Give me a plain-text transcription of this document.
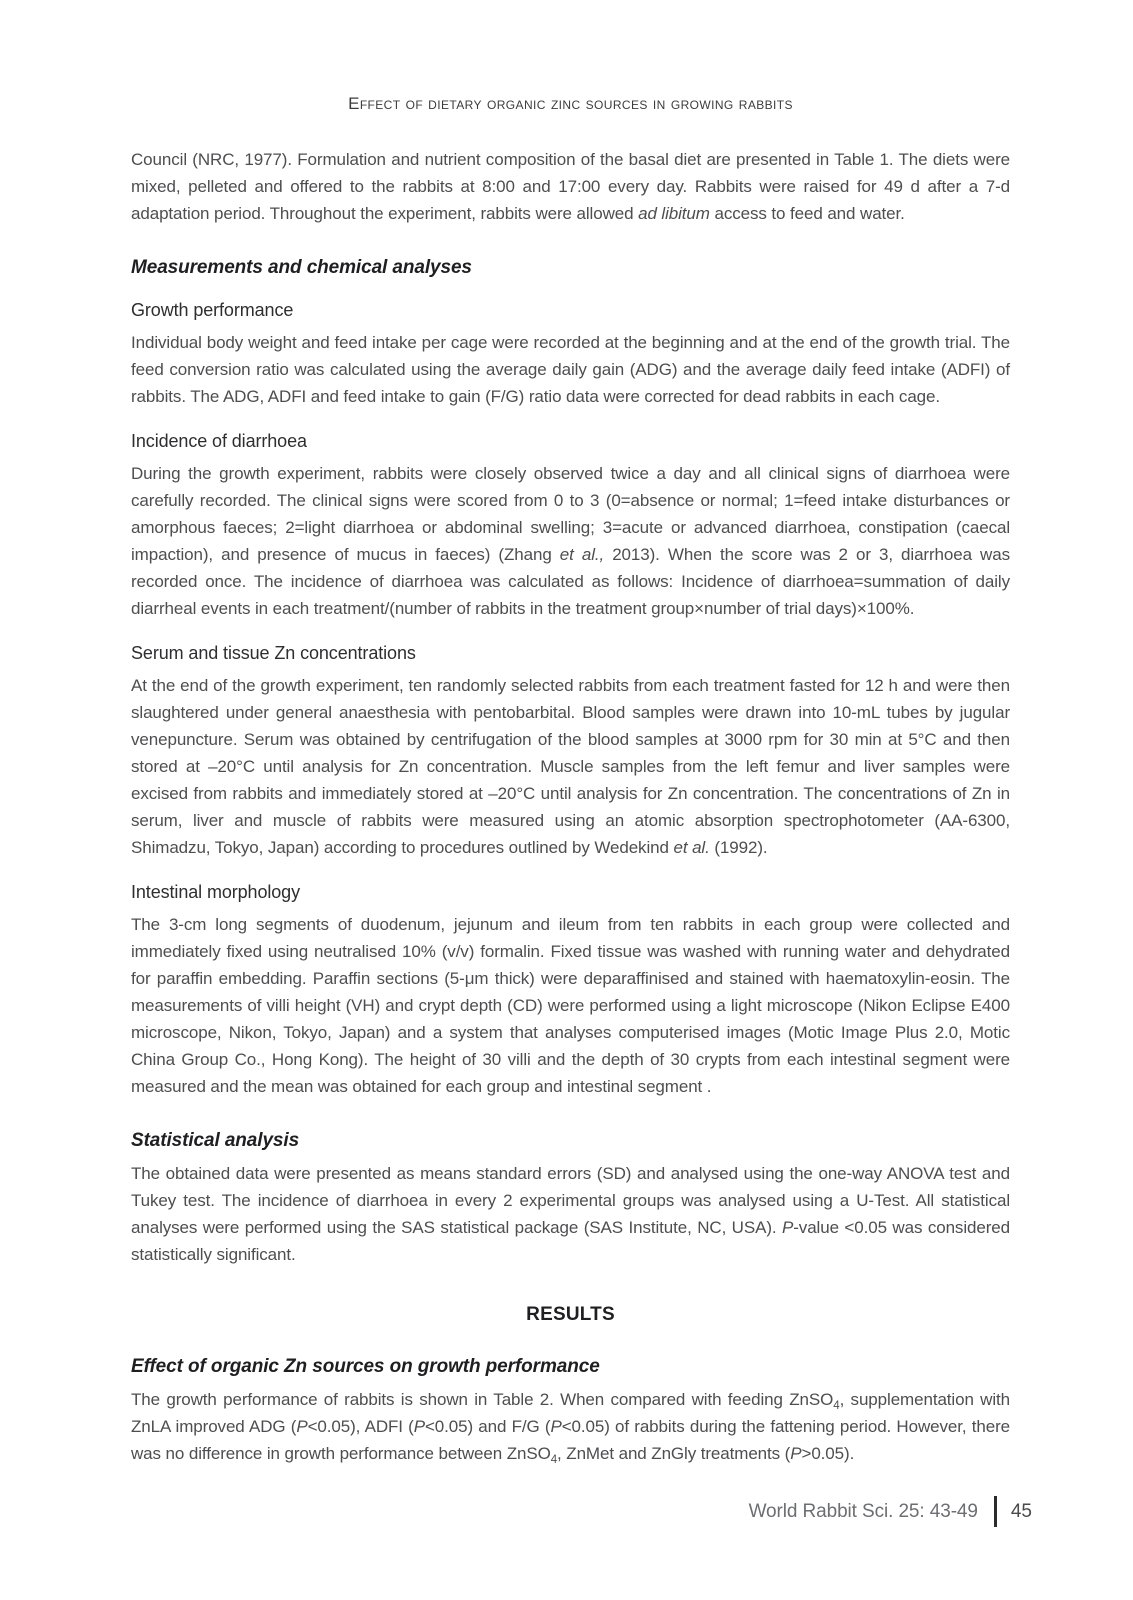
Effect of dietary organic zinc sources in growing rabbits

Council (NRC, 1977). Formulation and nutrient composition of the basal diet are presented in Table 1. The diets were mixed, pelleted and offered to the rabbits at 8:00 and 17:00 every day. Rabbits were raised for 49 d after a 7-d adaptation period. Throughout the experiment, rabbits were allowed ad libitum access to feed and water.

Measurements and chemical analyses
Growth performance

Individual body weight and feed intake per cage were recorded at the beginning and at the end of the growth trial. The feed conversion ratio was calculated using the average daily gain (ADG) and the average daily feed intake (ADFI) of rabbits. The ADG, ADFI and feed intake to gain (F/G) ratio data were corrected for dead rabbits in each cage.

Incidence of diarrhoea

During the growth experiment, rabbits were closely observed twice a day and all clinical signs of diarrhoea were carefully recorded. The clinical signs were scored from 0 to 3 (0=absence or normal; 1=feed intake disturbances or amorphous faeces; 2=light diarrhoea or abdominal swelling; 3=acute or advanced diarrhoea, constipation (caecal impaction), and presence of mucus in faeces) (Zhang et al., 2013). When the score was 2 or 3, diarrhoea was recorded once. The incidence of diarrhoea was calculated as follows: Incidence of diarrhoea=summation of daily diarrheal events in each treatment/(number of rabbits in the treatment group×number of trial days)×100%.

Serum and tissue Zn concentrations

At the end of the growth experiment, ten randomly selected rabbits from each treatment fasted for 12 h and were then slaughtered under general anaesthesia with pentobarbital. Blood samples were drawn into 10-mL tubes by jugular venepuncture. Serum was obtained by centrifugation of the blood samples at 3000 rpm for 30 min at 5°C and then stored at –20°C until analysis for Zn concentration. Muscle samples from the left femur and liver samples were excised from rabbits and immediately stored at –20°C until analysis for Zn concentration. The concentrations of Zn in serum, liver and muscle of rabbits were measured using an atomic absorption spectrophotometer (AA-6300, Shimadzu, Tokyo, Japan) according to procedures outlined by Wedekind et al. (1992).

Intestinal morphology

The 3-cm long segments of duodenum, jejunum and ileum from ten rabbits in each group were collected and immediately fixed using neutralised 10% (v/v) formalin. Fixed tissue was washed with running water and dehydrated for paraffin embedding. Paraffin sections (5-μm thick) were deparaffinised and stained with haematoxylin-eosin. The measurements of villi height (VH) and crypt depth (CD) were performed using a light microscope (Nikon Eclipse E400 microscope, Nikon, Tokyo, Japan) and a system that analyses computerised images (Motic Image Plus 2.0, Motic China Group Co., Hong Kong). The height of 30 villi and the depth of 30 crypts from each intestinal segment were measured and the mean was obtained for each group and intestinal segment .

Statistical analysis

The obtained data were presented as means standard errors (SD) and analysed using the one-way ANOVA test and Tukey test. The incidence of diarrhoea in every 2 experimental groups was analysed using a U-Test. All statistical analyses were performed using the SAS statistical package (SAS Institute, NC, USA). P-value <0.05 was considered statistically significant.

RESULTS
Effect of organic Zn sources on growth performance

The growth performance of rabbits is shown in Table 2. When compared with feeding ZnSO$_4$, supplementation with ZnLA improved ADG (P<0.05), ADFI (P<0.05) and F/G (P<0.05) of rabbits during the fattening period. However, there was no difference in growth performance between ZnSO$_4$, ZnMet and ZnGly treatments (P>0.05).

World Rabbit Sci. 25: 43-49 45
